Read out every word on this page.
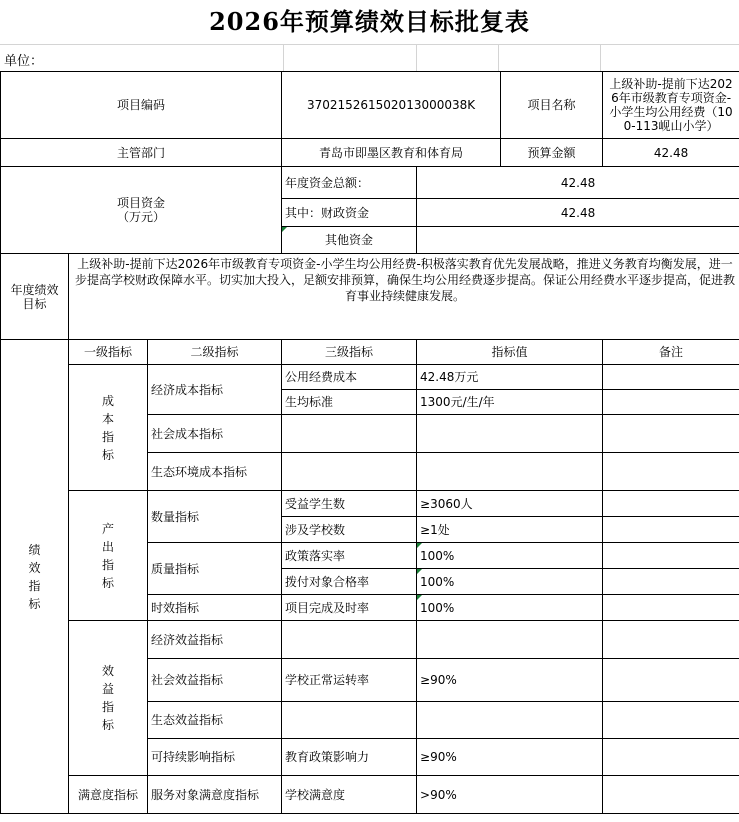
2026年预算绩效目标批复表
单位：
项目编码			370215261502013000038K		项目名称	上级补助-提前下达2026年市级教育专项资金-小学生均公用经费（100-113岘山小学）
主管部门			青岛市即墨区教育和体育局		预算金额	42.48
项目资金（万元）			年度资金总额：	42.48		
			其中：财政资金	42.48		
			其他资金			
年度绩效目标	上级补助-提前下达2026年市级教育专项资金-小学生均公用经费-积极落实教育优先发展战略，推进义务教育均衡发展，进一步提高学校财政保障水平。切实加大投入，足额安排预算，确保生均公用经费逐步提高。保证公用经费水平逐步提高，促进教育事业持续健康发展。					
绩效指标	一级指标	二级指标	三级指标	指标值		备注
	成本指标	经济成本指标	公用经费成本	42.48万元		
			生均标准	1300元/生/年		
		社会成本指标				
		生态环境成本指标				
	产出指标	数量指标	受益学生数	≥3060人		
			涉及学校数	≥1处		
		质量指标	政策落实率	100%		
			拨付对象合格率	100%		
		时效指标	项目完成及时率	100%		
	效益指标	经济效益指标				
		社会效益指标	学校正常运转率	≥90%		
		生态效益指标				
		可持续影响指标	教育政策影响力	≥90%		
	满意度指标	服务对象满意度指标	学校满意度	>90%		
